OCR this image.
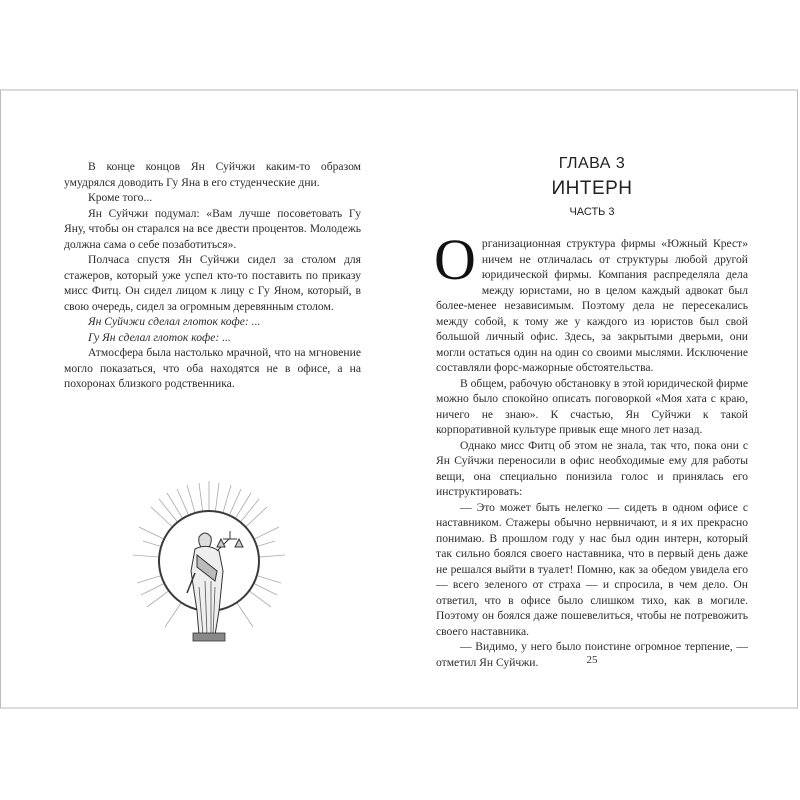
В конце концов Ян Суйчжи каким-то образом умудрялся доводить Гу Яна в его студенческие дни.

Кроме того...

Ян Суйчжи подумал: «Вам лучше посоветовать Гу Яну, чтобы он старался на все двести процентов. Молодежь должна сама о себе позаботиться».

Полчаса спустя Ян Суйчжи сидел за столом для стажеров, который уже успел кто-то поставить по приказу мисс Фитц. Он сидел лицом к лицу с Гу Яном, который, в свою очередь, сидел за огромным деревянным столом.

Ян Суйчжи сделал глоток кофе: ...

Гу Ян сделал глоток кофе: ...

Атмосфера была настолько мрачной, что на мгновение могло показаться, что оба находятся не в офисе, а на похоронах близкого родственника.

ГЛАВА 3
ИНТЕРН
ЧАСТЬ 3

Организационная структура фирмы «Южный Крест» ничем не отличалась от структуры любой другой юридической фирмы. Компания распределяла дела между юристами, но в целом каждый адвокат был более-менее независимым. Поэтому дела не пересекались между собой, к тому же у каждого из юристов был свой большой личный офис. Здесь, за закрытыми дверьми, они могли остаться один на один со своими мыслями. Исключение составляли форс-мажорные обстоятельства.

В общем, рабочую обстановку в этой юридической фирме можно было спокойно описать поговоркой «Моя хата с краю, ничего не знаю». К счастью, Ян Суйчжи к такой корпоративной культуре привык еще много лет назад.

Однако мисс Фитц об этом не знала, так что, пока они с Ян Суйчжи переносили в офис необходимые ему для работы вещи, она специально понизила голос и принялась его инструктировать:

— Это может быть нелегко — сидеть в одном офисе с наставником. Стажеры обычно нервничают, и я их прекрасно понимаю. В прошлом году у нас был один интерн, который так сильно боялся своего наставника, что в первый день даже не решался выйти в туалет! Помню, как за обедом увидела его — всего зеленого от страха — и спросила, в чем дело. Он ответил, что в офисе было слишком тихо, как в могиле. Поэтому он боялся даже пошевелиться, чтобы не потревожить своего наставника.

— Видимо, у него было поистине огромное терпение, — отметил Ян Суйчжи.	25
